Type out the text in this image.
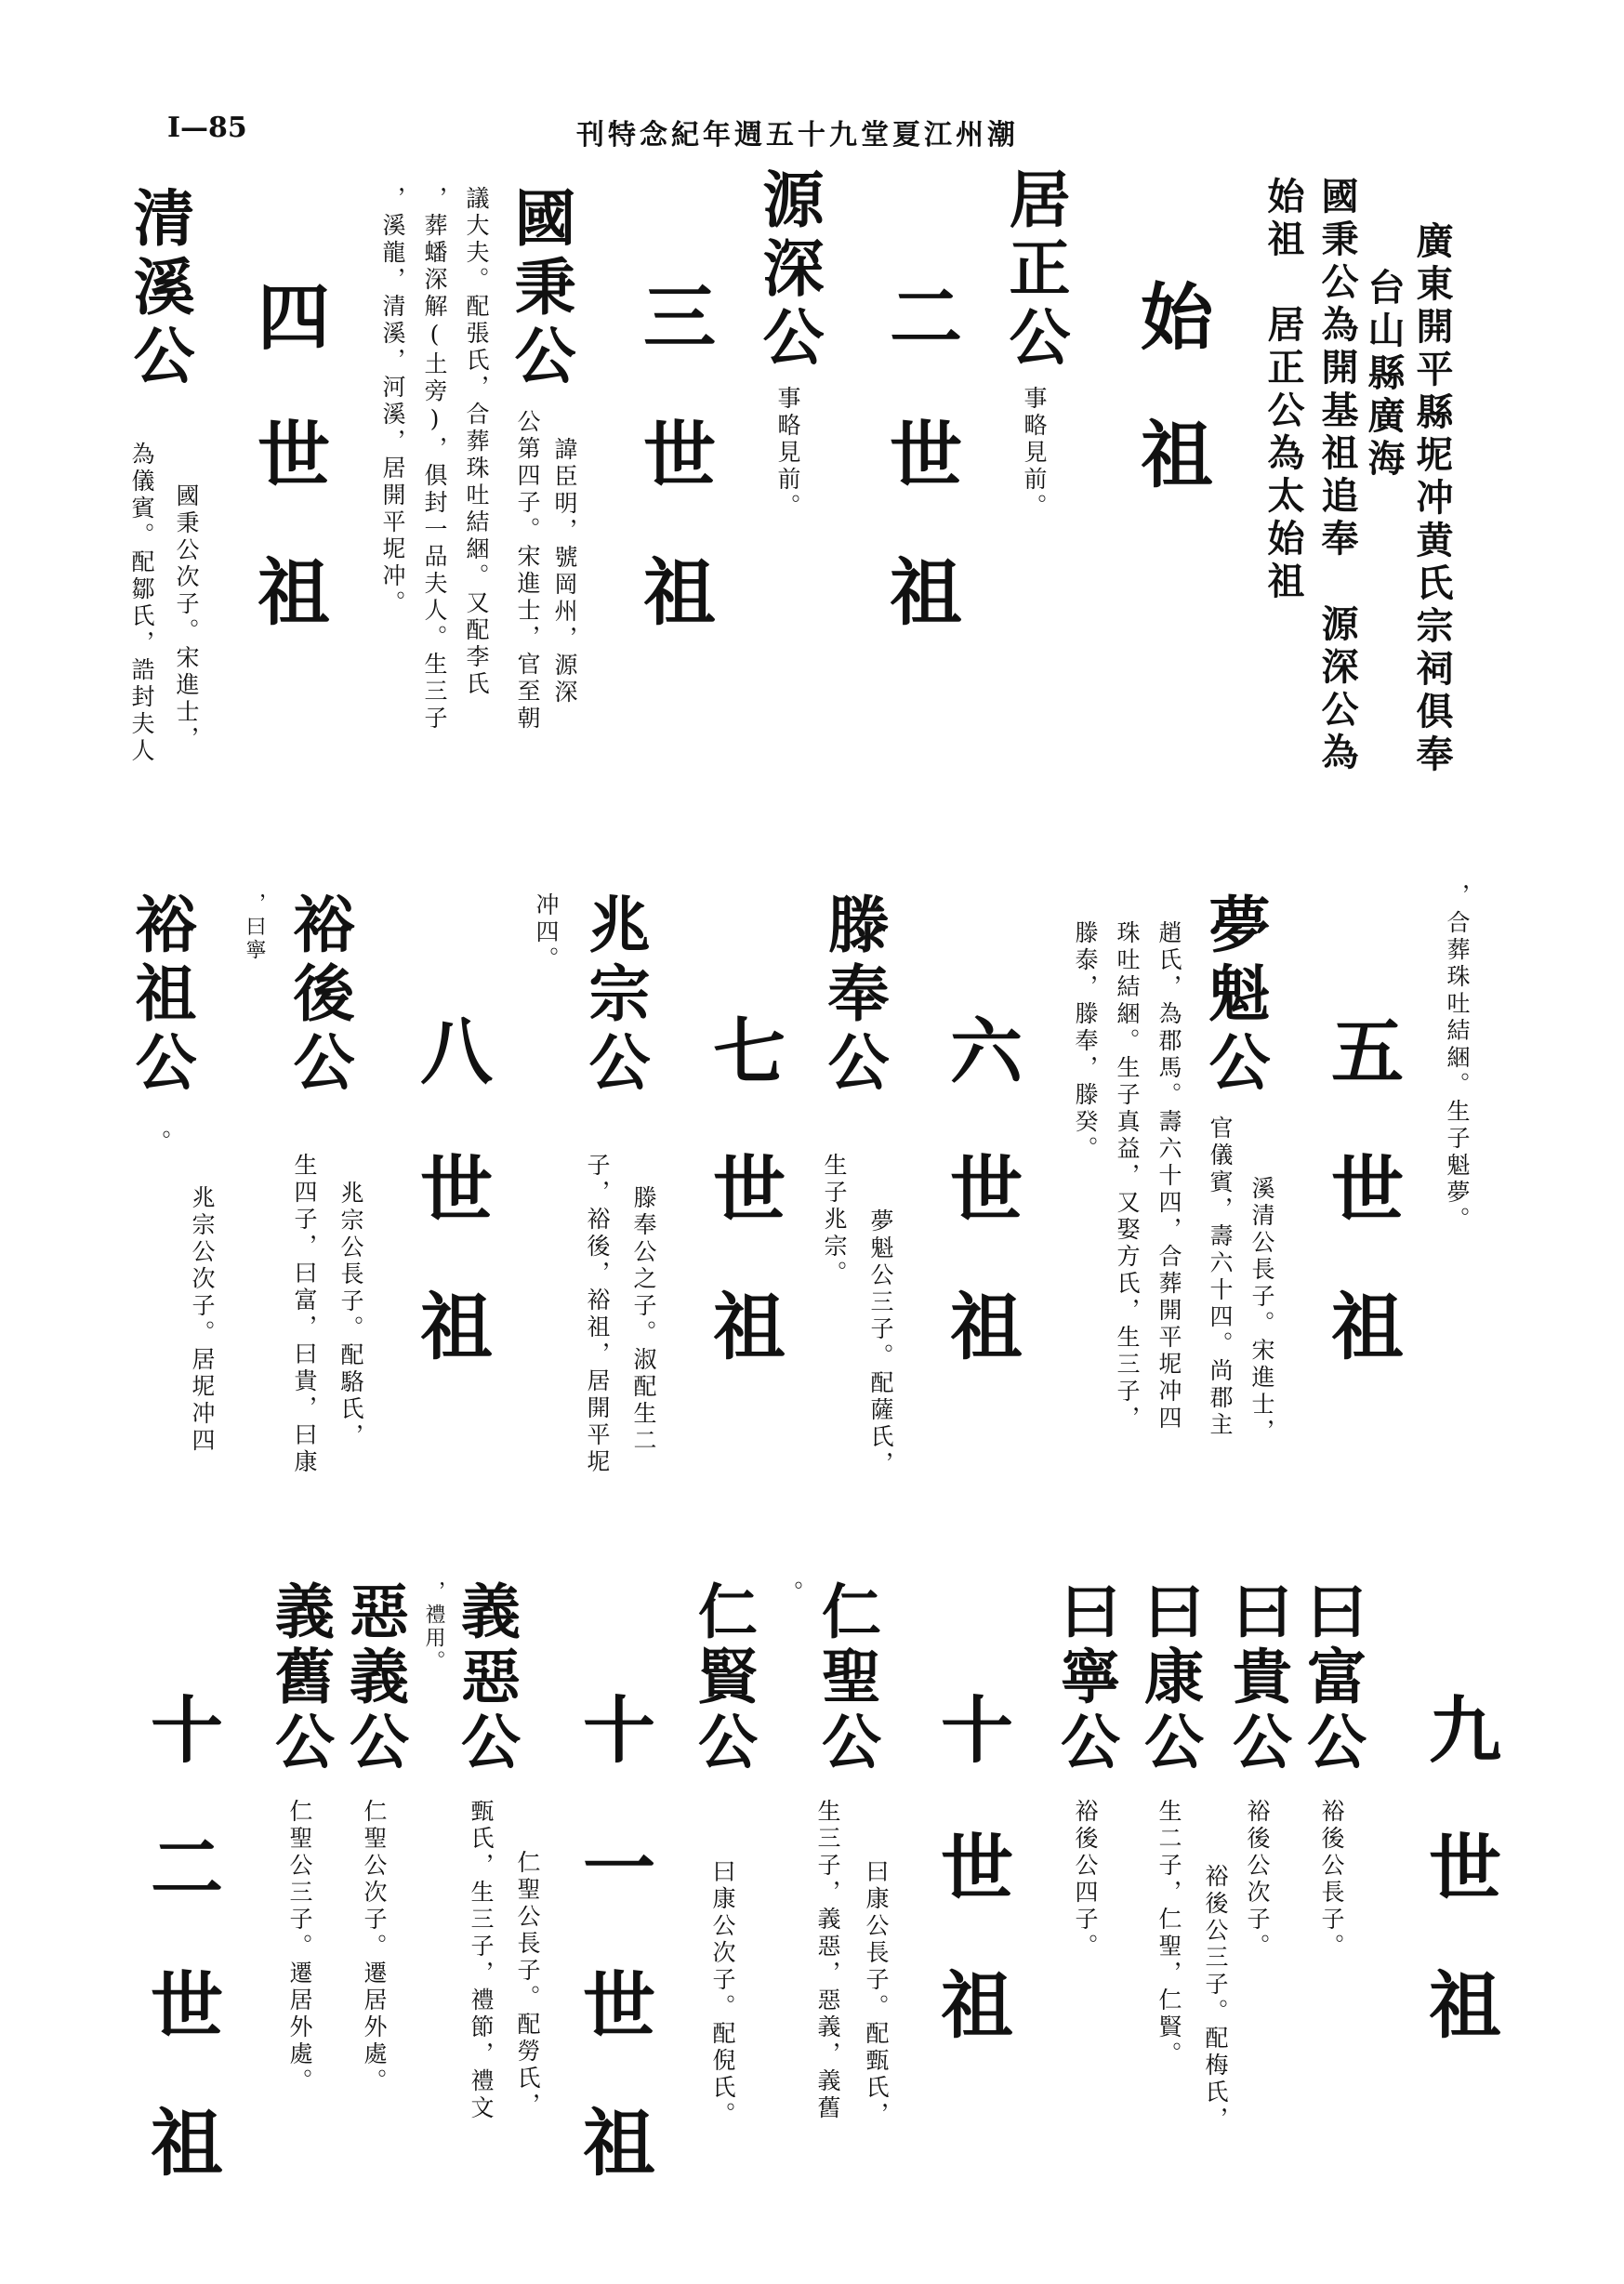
I—85	潮州江夏堂九十五週年紀念特刊
廣東開平縣坭冲黄氏宗祠俱奉
台山縣廣海
國秉公為開基祖追奉　源深公為
始祖　居正公為太始祖
始祖
居正公
事略見前。
二世祖
源深公
事略見前。
三世祖
國秉公
諱臣明，號岡州，源深
公第四子。宋進士，官至朝
議大夫。配張氏，合葬珠吐結綑。又配李氏
，葬蟠深解(土旁)，俱封一品夫人。生三子
，溪龍，清溪，河溪，居開平坭冲。
四世祖
清溪公
國秉公次子。宋進士，
為儀賓。配鄒氏，誥封夫人
，合葬珠吐結綑。生子魁夢。
五世祖
夢魁公
溪清公長子。宋進士，
官儀賓，壽六十四。尚郡主
趙氏，為郡馬。壽六十四，合葬開平坭冲四
珠吐結綑。生子真益，又娶方氏，生三子，
滕泰，滕奉，滕癸。
六世祖
滕奉公
夢魁公三子。配薩氏，
生子兆宗。
七世祖
兆宗公
滕奉公之子。淑配生二
子，裕後，裕祖，居開平坭
冲四。
八世祖
裕後公
兆宗公長子。配駱氏，
生四子，曰富，曰貴，曰康
，曰寧
裕祖公
。
兆宗公次子。居坭冲四
九世祖
曰富公
裕後公長子。
曰貴公
裕後公次子。
曰康公
裕後公三子。配梅氏，
生二子，仁聖，仁賢。
曰寧公
裕後公四子。
十世祖
仁聖公
曰康公長子。配甄氏，
生三子，義惡，惡義，義舊
。
仁賢公
曰康公次子。配倪氏。
十一世祖
義惡公
仁聖公長子。配勞氏，
甄氏，生三子，禮節，禮文
，禮用。
惡義公
仁聖公次子。遷居外處。
義舊公
仁聖公三子。遷居外處。
十二世祖
